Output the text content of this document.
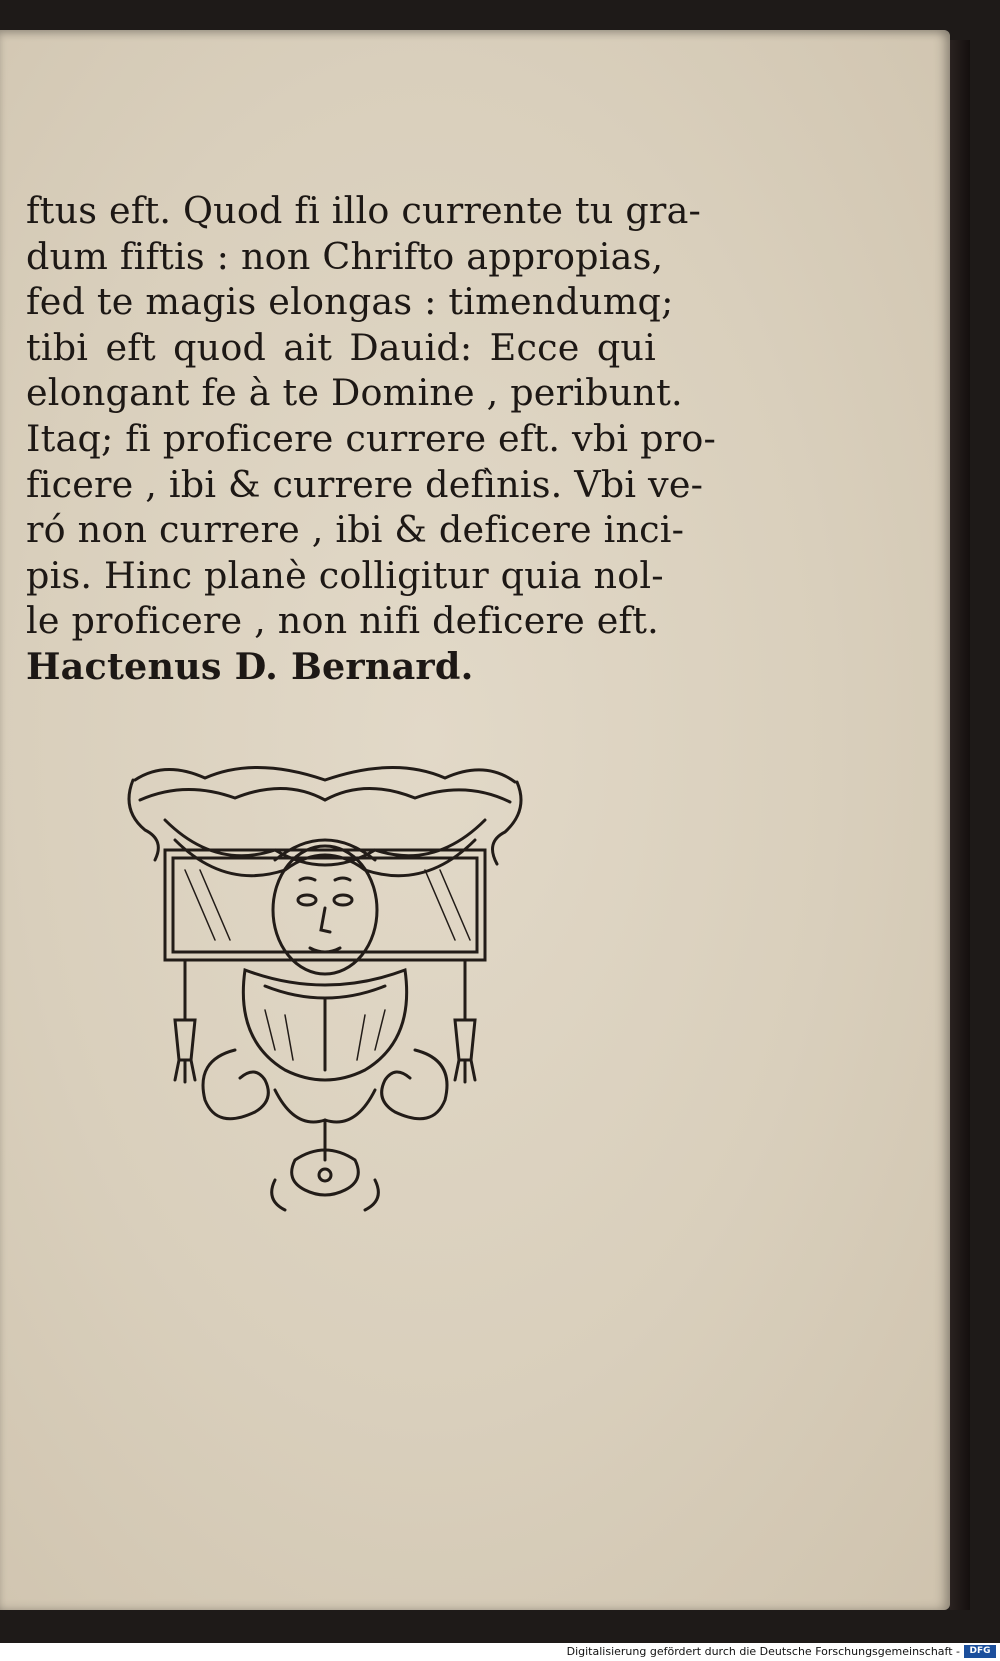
ftus eft. Quod fi illo currente tu gra-
dum fiftis : non Chrifto appropias,
fed te magis elongas : timendumq;
tibi eft quod ait Dauid: Ecce qui
elongant fe à te Domine , peribunt.
Itaq; fi proficere currere eft. vbi pro-
ficere , ibi & currere defìnis. Vbi ve-
ró non currere , ibi & deficere inci-
pis. Hinc planè colligitur quia nol-
le proficere , non nifi deficere eft.
Hactenus D. Bernard.
Digitalisierung gefördert durch die Deutsche Forschungsgemeinschaft -	DFG
